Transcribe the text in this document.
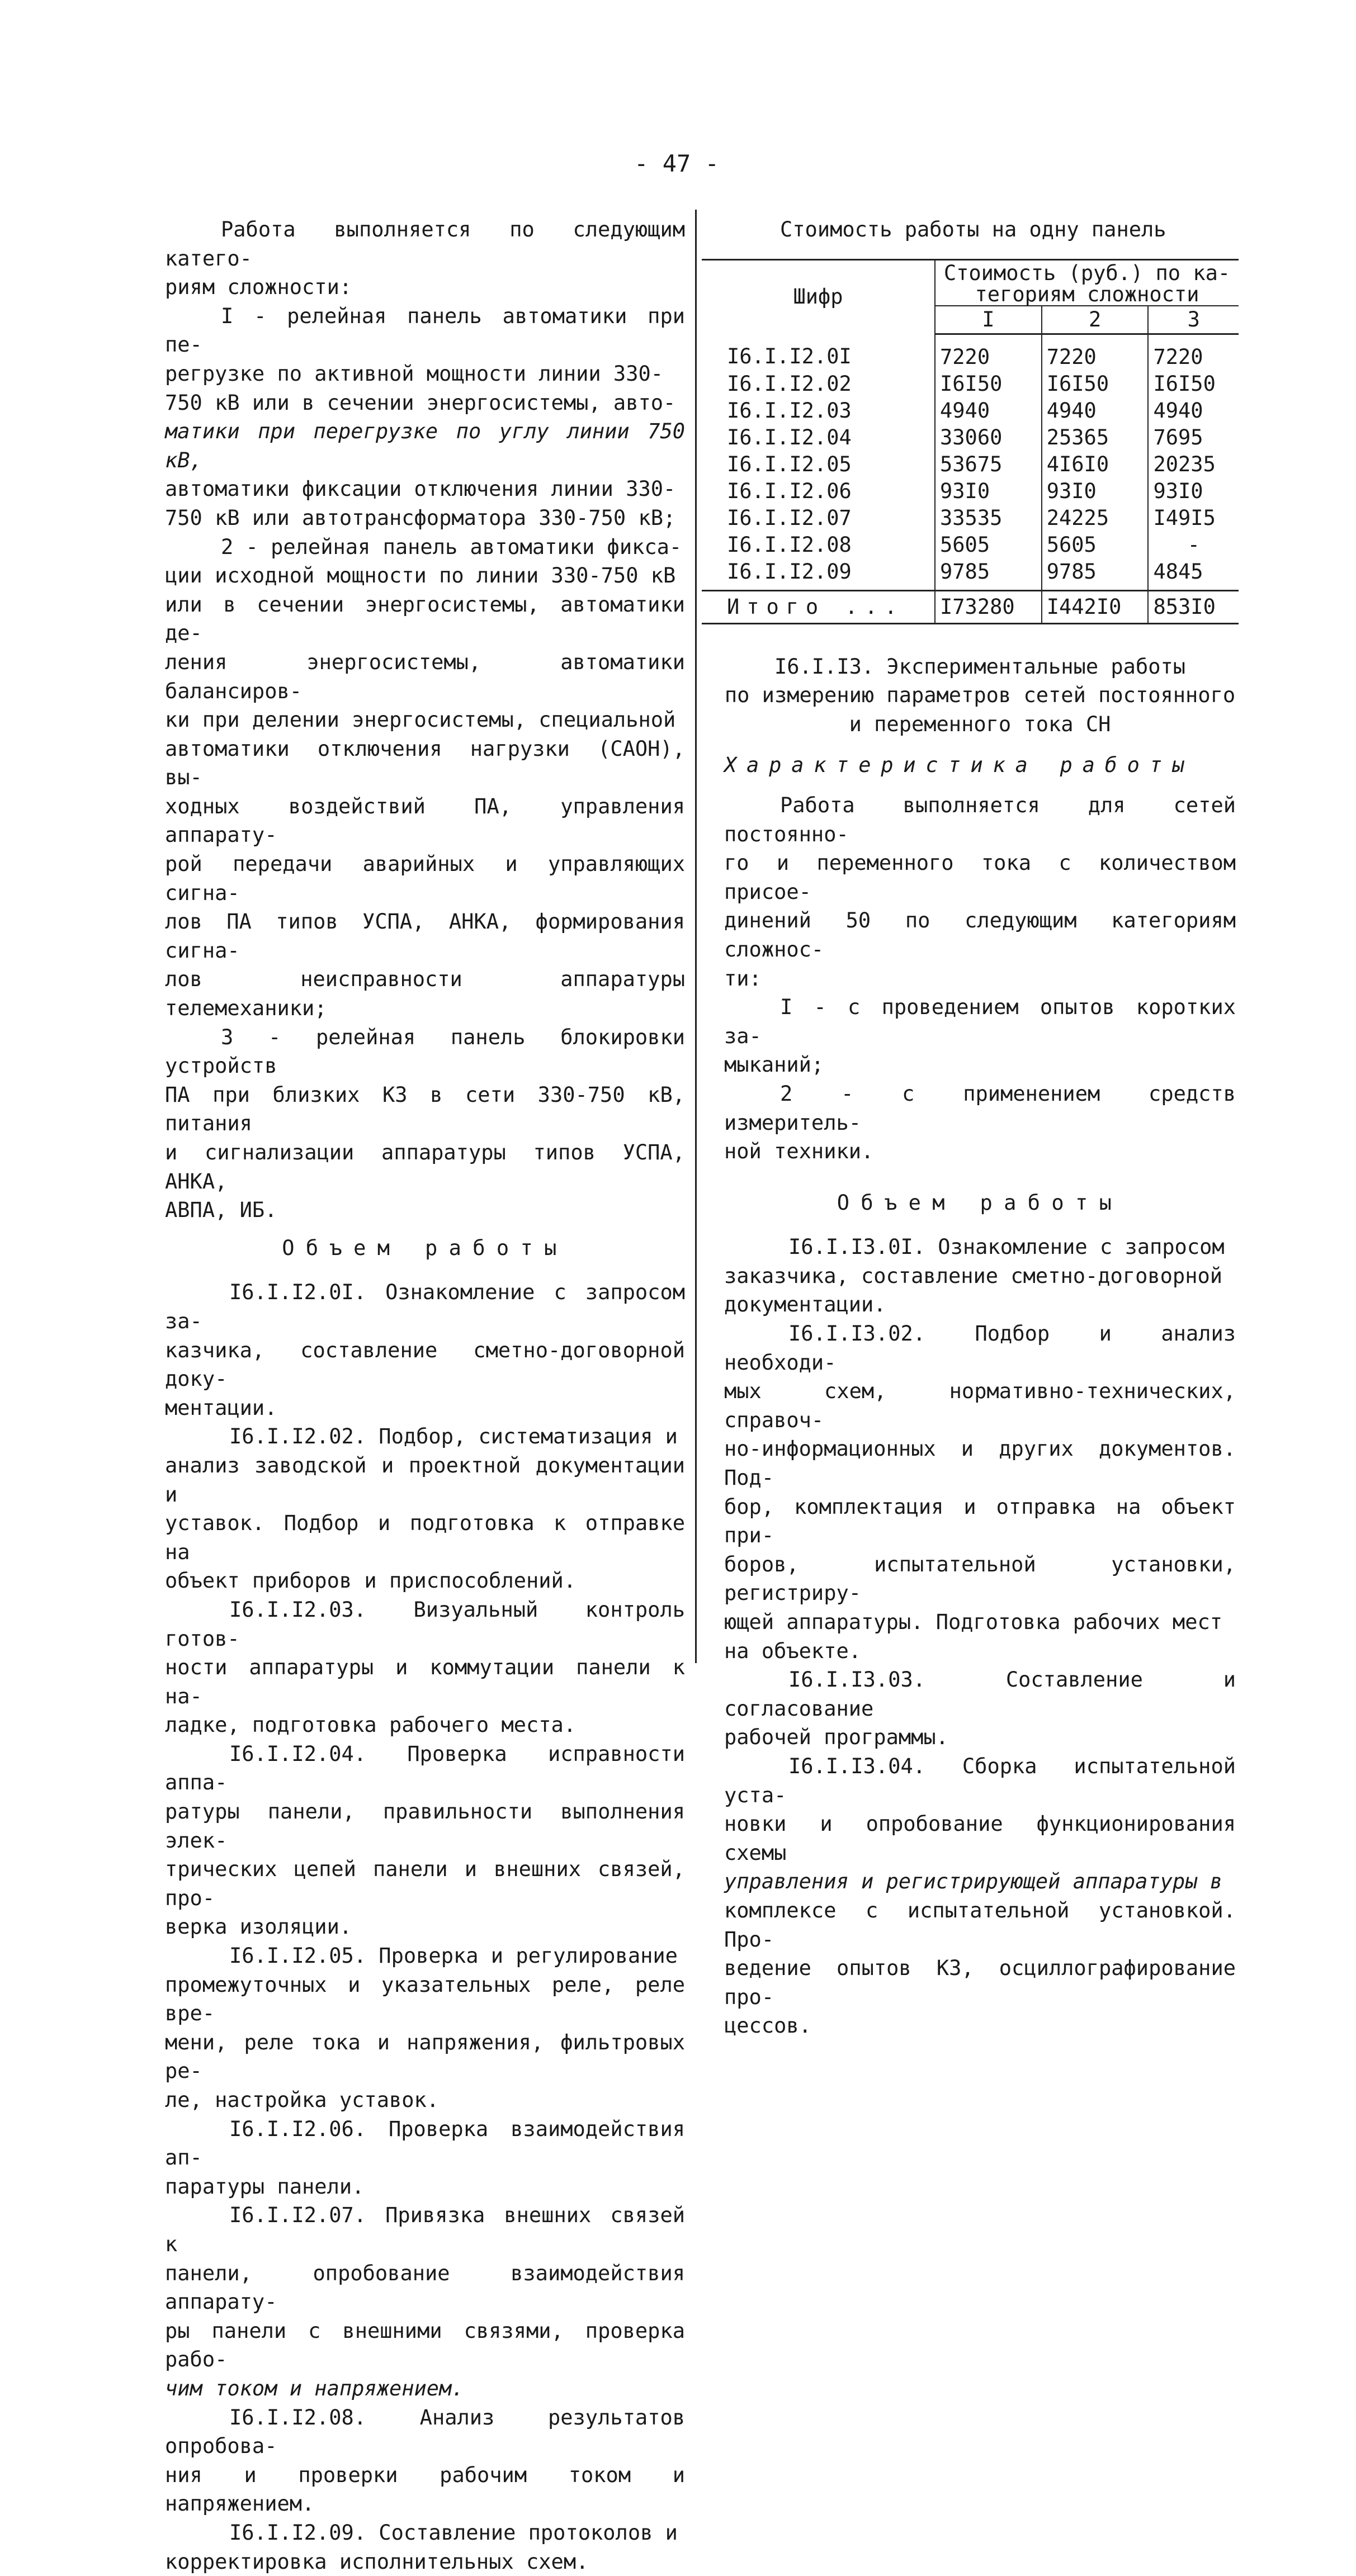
- 47 -
Работа выполняется по следующим катего-
риям сложности:
I - релейная панель автоматики при пе-
регрузке по активной мощности линии 330-
750 кВ или в сечении энергосистемы, авто-
матики при перегрузке по углу линии 750 кВ,
автоматики фиксации отключения линии 330-
750 кВ или автотрансформатора 330-750 кВ;
2 - релейная панель автоматики фикса-
ции исходной мощности по линии 330-750 кВ
или в сечении энергосистемы, автоматики де-
ления энергосистемы, автоматики балансиров-
ки при делении энергосистемы, специальной
автоматики отключения нагрузки (САОН), вы-
ходных воздействий ПА, управления аппарату-
рой передачи аварийных и управляющих сигна-
лов ПА типов УСПА, АНКА, формирования сигна-
лов неисправности аппаратуры телемеханики;
3 - релейная панель блокировки устройств
ПА при близких КЗ в сети 330-750 кВ, питания
и сигнализации аппаратуры типов УСПА, АНКА,
АВПА, ИБ.
Объем работы
I6.I.I2.0I. Ознакомление с запросом за-
казчика, составление сметно-договорной доку-
ментации.
I6.I.I2.02. Подбор, систематизация и
анализ заводской и проектной документации и
уставок. Подбор и подготовка к отправке на
объект приборов и приспособлений.
I6.I.I2.03. Визуальный контроль готов-
ности аппаратуры и коммутации панели к на-
ладке, подготовка рабочего места.
I6.I.I2.04. Проверка исправности аппа-
ратуры панели, правильности выполнения элек-
трических цепей панели и внешних связей, про-
верка изоляции.
I6.I.I2.05. Проверка и регулирование
промежуточных и указательных реле, реле вре-
мени, реле тока и напряжения, фильтровых ре-
ле, настройка уставок.
I6.I.I2.06. Проверка взаимодействия ап-
паратуры панели.
I6.I.I2.07. Привязка внешних связей к
панели, опробование взаимодействия аппарату-
ры панели с внешними связями, проверка рабо-
чим током и напряжением.
I6.I.I2.08. Анализ результатов опробова-
ния и проверки рабочим током и напряжением.
I6.I.I2.09. Составление протоколов и
корректировка исполнительных схем.
Стоимость работы на одну панель
Шифр	Стоимость (руб.) по ка-
тегориям сложности		

	I	2	3
I6.I.I2.0I	7220	7220	7220
I6.I.I2.02	I6I50	I6I50	I6I50
I6.I.I2.03	4940	4940	4940
I6.I.I2.04	33060	25365	7695
I6.I.I2.05	53675	4I6I0	20235
I6.I.I2.06	93I0	93I0	93I0
I6.I.I2.07	33535	24225	I49I5
I6.I.I2.08	5605	5605	-
I6.I.I2.09	9785	9785	4845
Итого ...	I73280	I442I0	853I0
I6.I.I3. Экспериментальные работы
по измерению параметров сетей постоянного
и переменного тока СН
Характеристика работы
Работа выполняется для сетей постоянно-
го и переменного тока с количеством присое-
динений 50 по следующим категориям сложнос-
ти:
I - с проведением опытов коротких за-
мыканий;
2 - с применением средств измеритель-
ной техники.
Объем работы
I6.I.I3.0I. Ознакомление с запросом
заказчика, составление сметно-договорной
документации.
I6.I.I3.02. Подбор и анализ необходи-
мых схем, нормативно-технических, справоч-
но-информационных и других документов. Под-
бор, комплектация и отправка на объект при-
боров, испытательной установки, регистриру-
ющей аппаратуры. Подготовка рабочих мест
на объекте.
I6.I.I3.03. Составление и согласование
рабочей программы.
I6.I.I3.04. Сборка испытательной уста-
новки и опробование функционирования схемы
управления и регистрирующей аппаратуры в
комплексе с испытательной установкой. Про-
ведение опытов КЗ, осциллографирование про-
цессов.
